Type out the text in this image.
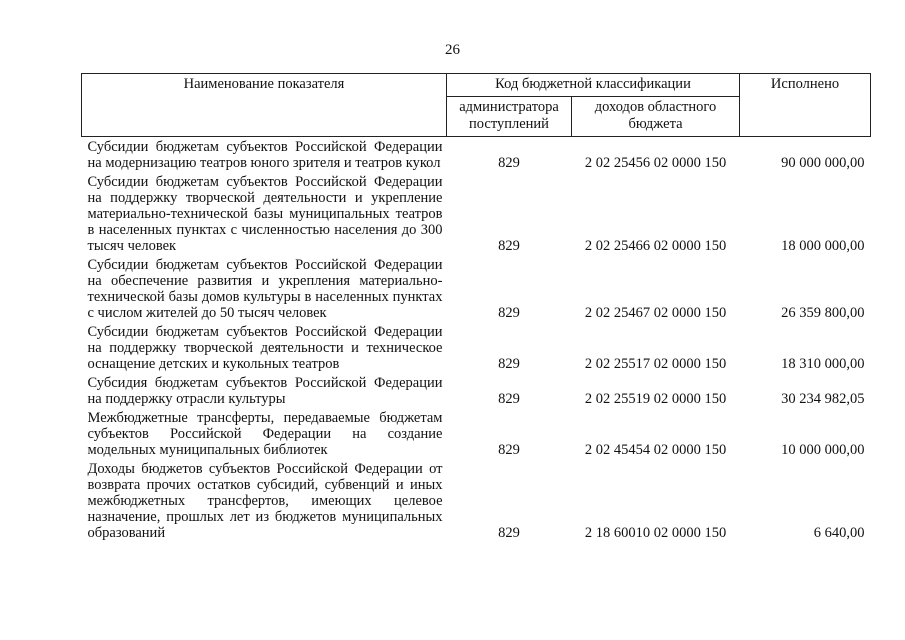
26
Наименование показателя	Код бюджетной классификации		Исполнено
	администратора поступлений	доходов областного бюджета	
Субсидии бюджетам субъектов Российской Федерации на модернизацию театров юного зрителя и театров кукол	829	2 02 25456 02 0000 150	90 000 000,00
Субсидии бюджетам субъектов Российской Федерации на поддержку творческой деятельности и укрепление материально-технической базы муниципальных театров в населенных пунктах с численностью населения до 300 тысяч человек	829	2 02 25466 02 0000 150	18 000 000,00
Субсидии бюджетам субъектов Российской Федерации на обеспечение развития и укрепления материально-технической базы домов культуры в населенных пунктах с числом жителей до 50 тысяч человек	829	2 02 25467 02 0000 150	26 359 800,00
Субсидии бюджетам субъектов Российской Федерации на поддержку творческой деятельности и техническое оснащение детских и кукольных театров	829	2 02 25517 02 0000 150	18 310 000,00
Субсидия бюджетам субъектов Российской Федерации на поддержку отрасли культуры	829	2 02 25519 02 0000 150	30 234 982,05
Межбюджетные трансферты, передаваемые бюджетам субъектов Российской Федерации на создание модельных муниципальных библиотек	829	2 02 45454 02 0000 150	10 000 000,00
Доходы бюджетов субъектов Российской Федерации от возврата прочих остатков субсидий, субвенций и иных межбюджетных трансфертов, имеющих целевое назначение, прошлых лет из бюджетов муниципальных образований	829	2 18 60010 02 0000 150	6 640,00
